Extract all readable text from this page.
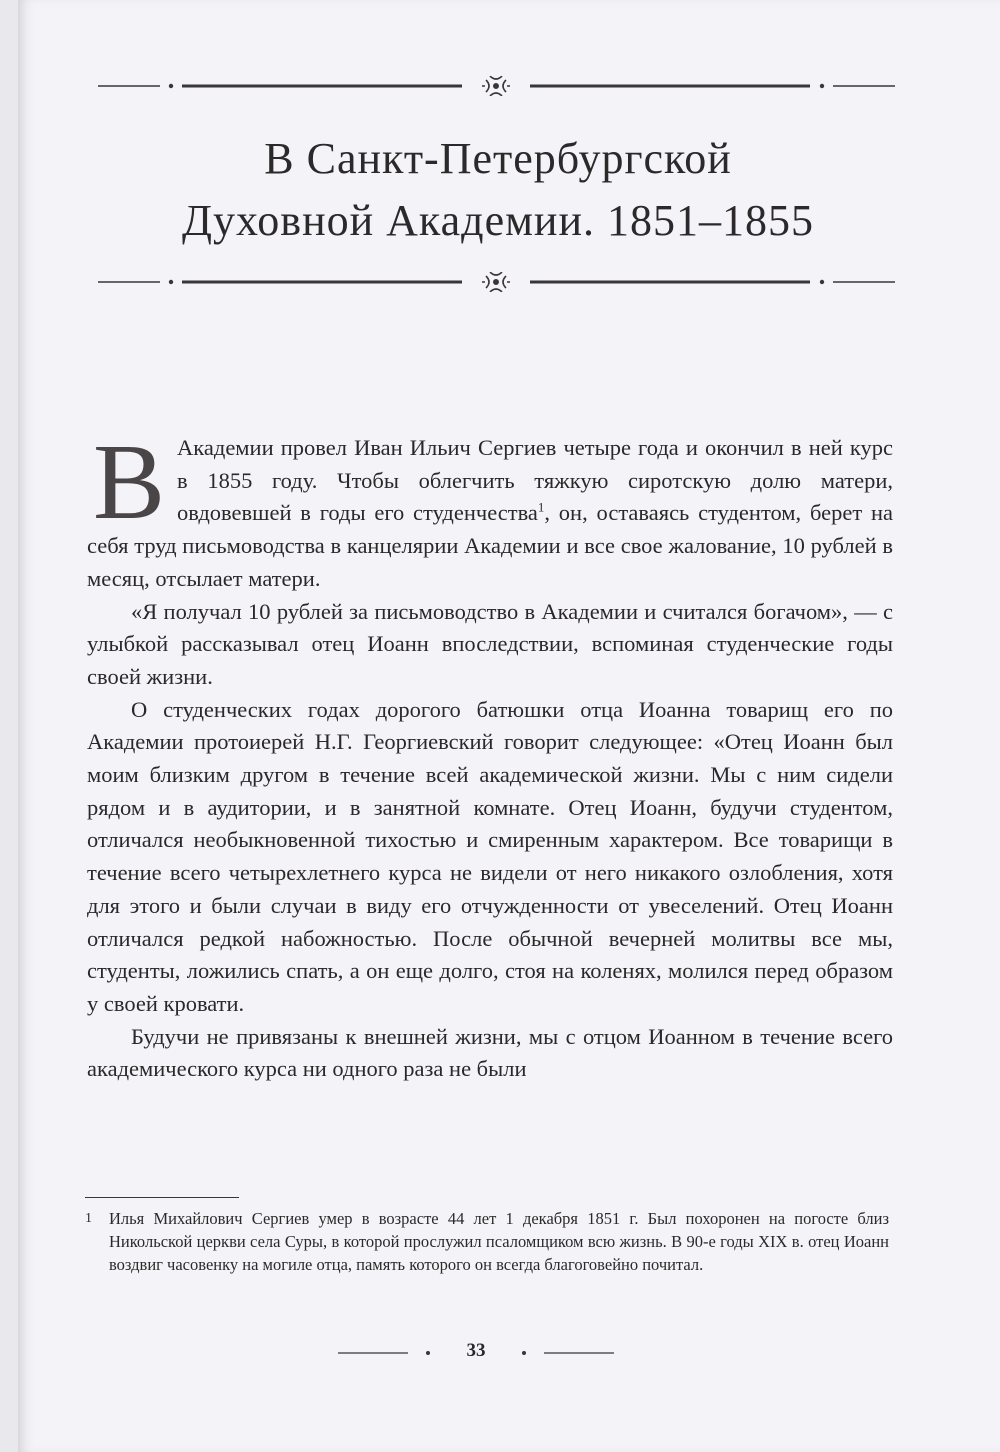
В Санкт-Петербургской
Духовной Академии. 1851–1855

В Академии провел Иван Ильич Сергиев четыре года и окончил в ней курс в 1855 году. Чтобы облегчить тяжкую сиротскую долю матери, овдовевшей в годы его студенчества$^1$, он, оставаясь студентом, берет на себя труд письмоводства в канцелярии Академии и все свое жалование, 10 рублей в месяц, отсылает матери.

«Я получал 10 рублей за письмоводство в Академии и считался богачом», — с улыбкой рассказывал отец Иоанн впоследствии, вспоминая студенческие годы своей жизни.

О студенческих годах дорогого батюшки отца Иоанна товарищ его по Академии протоиерей Н.Г. Георгиевский говорит следующее: «Отец Иоанн был моим близким другом в течение всей академической жизни. Мы с ним сидели рядом и в аудитории, и в занятной комнате. Отец Иоанн, будучи студентом, отличался необыкновенной тихостью и смиренным характером. Все товарищи в течение всего четырехлетнего курса не видели от него никакого озлобления, хотя для этого и были случаи в виду его отчужденности от увеселений. Отец Иоанн отличался редкой набожностью. После обычной вечерней молитвы все мы, студенты, ложились спать, а он еще долго, стоя на коленях, молился перед образом у своей кровати.

Будучи не привязаны к внешней жизни, мы с отцом Иоанном в течение всего академического курса ни одного раза не были

1 Илья Михайлович Сергиев умер в возрасте 44 лет 1 декабря 1851 г. Был похоронен на погосте близ Никольской церкви села Суры, в которой прослужил псаломщиком всю жизнь. В 90-е годы XIX в. отец Иоанн воздвиг часовенку на могиле отца, память которого он всегда благоговейно почитал.
33
